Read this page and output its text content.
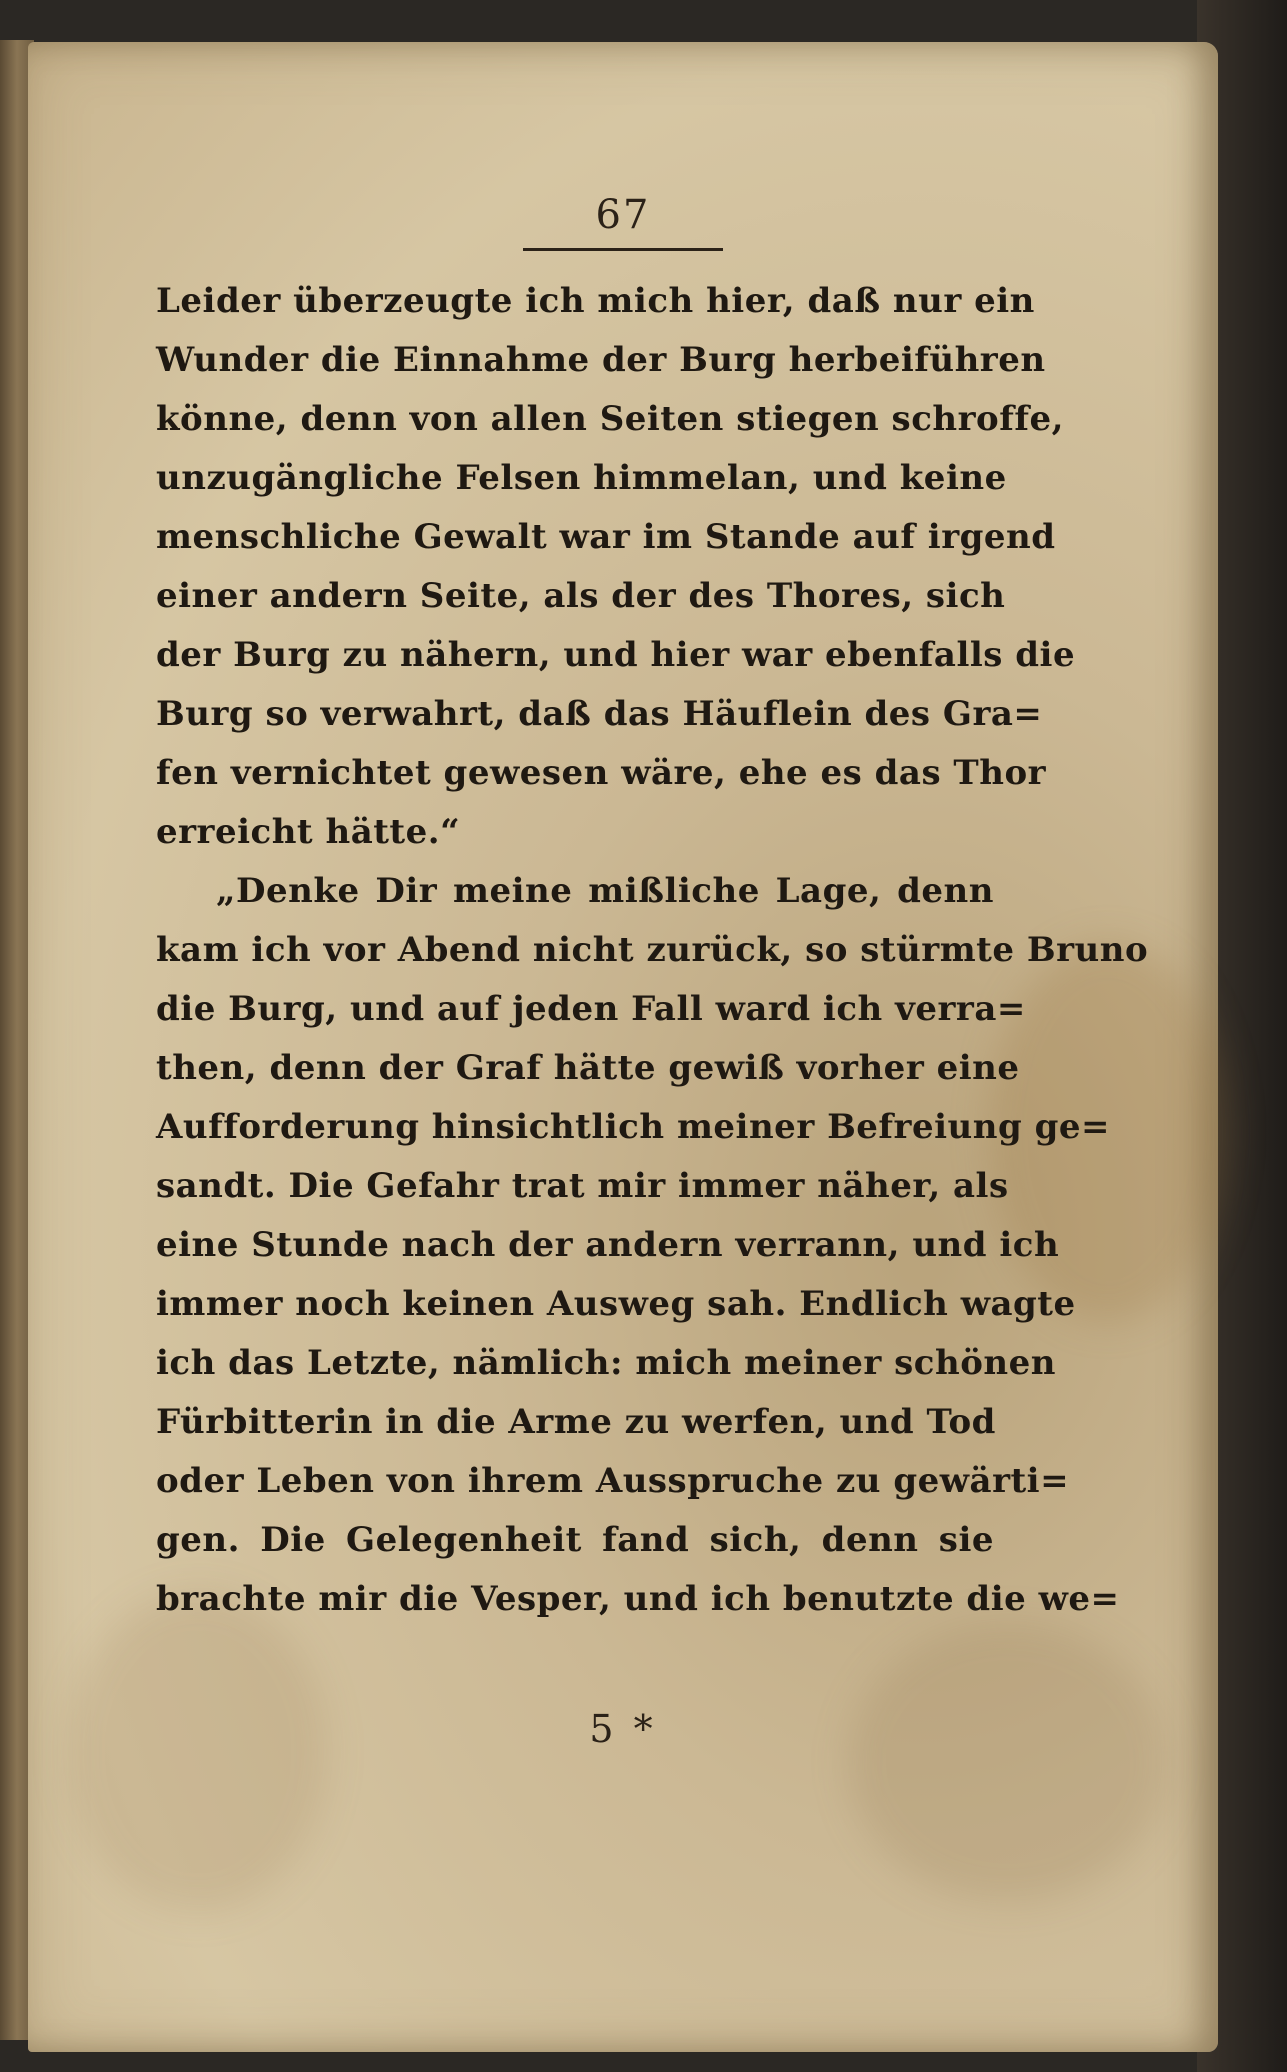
67
Leider überzeugte ich mich hier, daß nur ein
Wunder die Einnahme der Burg herbeiführen
könne, denn von allen Seiten stiegen schroffe,
unzugängliche Felsen himmelan, und keine
menschliche Gewalt war im Stande auf irgend
einer andern Seite, als der des Thores, sich
der Burg zu nähern, und hier war ebenfalls die
Burg so verwahrt, daß das Häuflein des Gra=
fen vernichtet gewesen wäre, ehe es das Thor
erreicht hätte.“
„Denke Dir meine mißliche Lage, denn
kam ich vor Abend nicht zurück, so stürmte Bruno
die Burg, und auf jeden Fall ward ich verra=
then, denn der Graf hätte gewiß vorher eine
Aufforderung hinsichtlich meiner Befreiung ge=
sandt. Die Gefahr trat mir immer näher, als
eine Stunde nach der andern verrann, und ich
immer noch keinen Ausweg sah. Endlich wagte
ich das Letzte, nämlich: mich meiner schönen
Fürbitterin in die Arme zu werfen, und Tod
oder Leben von ihrem Ausspruche zu gewärti=
gen. Die Gelegenheit fand sich, denn sie
brachte mir die Vesper, und ich benutzte die we=
5 *
